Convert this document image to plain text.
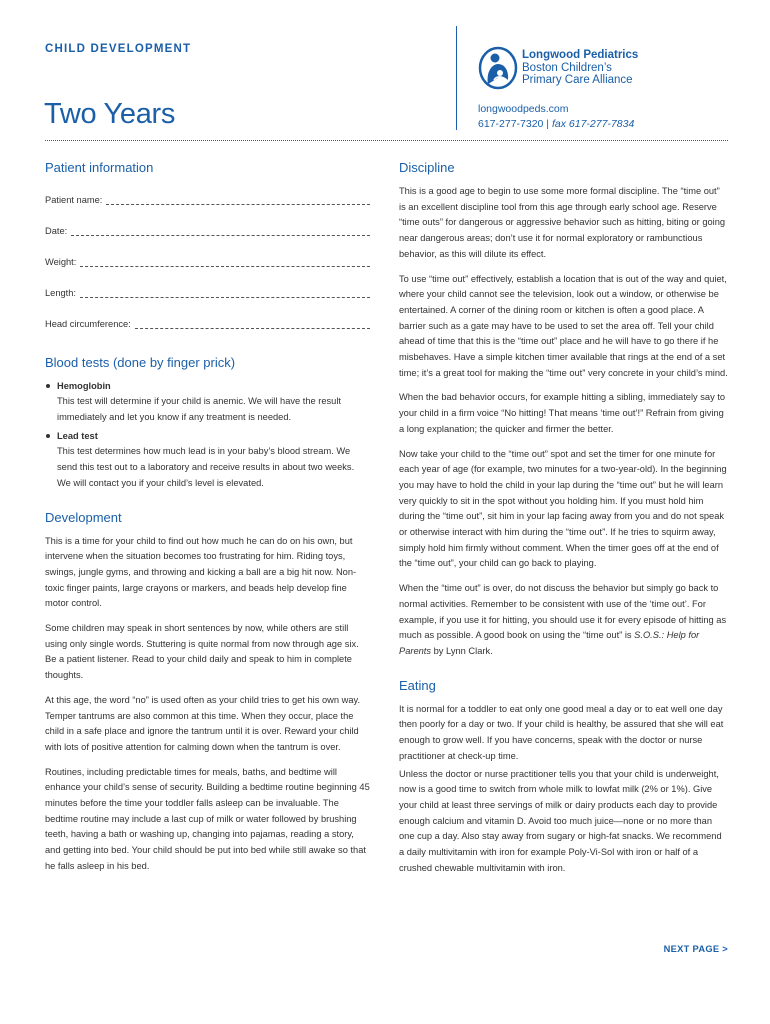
CHILD DEVELOPMENT
Two Years
Longwood Pediatrics
Boston Children’s
Primary Care Alliance
longwoodpeds.com
617-277-7320 | fax 617-277-7834
Patient information
Patient name:
Date:
Weight:
Length:
Head circumference:
Blood tests (done by finger prick)
Hemoglobin

This test will determine if your child is anemic. We will have the result immediately and let you know if any treatment is needed.

Lead test

This test determines how much lead is in your baby’s blood stream. We send this test out to a laboratory and receive results in about two weeks. We will contact you if your child’s level is elevated.

Development

This is a time for your child to find out how much he can do on his own, but intervene when the situation becomes too frustrating for him. Riding toys, swings, jungle gyms, and throwing and kicking a ball are a big hit now. Non-toxic finger paints, large crayons or markers, and beads help develop fine motor control.

Some children may speak in short sentences by now, while others are still using only single words. Stuttering is quite normal from now through age six. Be a patient listener. Read to your child daily and speak to him in complete thoughts.

At this age, the word “no” is used often as your child tries to get his own way. Temper tantrums are also common at this time. When they occur, place the child in a safe place and ignore the tantrum until it is over. Reward your child with lots of positive attention for calming down when the tantrum is over.

Routines, including predictable times for meals, baths, and bedtime will enhance your child’s sense of security. Building a bedtime routine beginning 45 minutes before the time your toddler falls asleep can be invaluable. The bedtime routine may include a last cup of milk or water followed by brushing teeth, having a bath or washing up, changing into pajamas, reading a story, and getting into bed. Your child should be put into bed while still awake so that he falls asleep in his bed.

Discipline

This is a good age to begin to use some more formal discipline. The “time out” is an excellent discipline tool from this age through early school age. Reserve “time outs” for dangerous or aggressive behavior such as hitting, biting or going near dangerous areas; don’t use it for normal exploratory or rambunctious behavior, as this will dilute its effect.

To use “time out” effectively, establish a location that is out of the way and quiet, where your child cannot see the television, look out a window, or otherwise be entertained. A corner of the dining room or kitchen is often a good place. A barrier such as a gate may have to be used to set the area off. Tell your child ahead of time that this is the “time out” place and he will have to go there if he misbehaves. Have a simple kitchen timer available that rings at the end of a set time; it’s a great tool for making the “time out” very concrete in your child’s mind.

When the bad behavior occurs, for example hitting a sibling, immediately say to your child in a firm voice “No hitting! That means ‘time out’!” Refrain from giving a long explanation; the quicker and firmer the better.

Now take your child to the “time out” spot and set the timer for one minute for each year of age (for example, two minutes for a two-year-old). In the beginning you may have to hold the child in your lap during the “time out” but he will learn very quickly to sit in the spot without you holding him. If you must hold him during the “time out”, sit him in your lap facing away from you and do not speak or otherwise interact with him during the “time out”. If he tries to squirm away, simply hold him firmly without comment. When the timer goes off at the end of the “time out”, your child can go back to playing.

When the “time out” is over, do not discuss the behavior but simply go back to normal activities. Remember to be consistent with use of the ‘time out’. For example, if you use it for hitting, you should use it for every episode of hitting as much as possible. A good book on using the “time out” is S.O.S.: Help for Parents by Lynn Clark.

Eating

It is normal for a toddler to eat only one good meal a day or to eat well one day then poorly for a day or two. If your child is healthy, be assured that she will eat enough to grow well. If you have concerns, speak with the doctor or nurse practitioner at check-up time.

Unless the doctor or nurse practitioner tells you that your child is underweight, now is a good time to switch from whole milk to lowfat milk (2% or 1%). Give your child at least three servings of milk or dairy products each day to provide enough calcium and vitamin D. Avoid too much juice—none or no more than one cup a day. Also stay away from sugary or high-fat snacks. We recommend a daily multivitamin with iron for example Poly-Vi-Sol with iron or half of a crushed chewable multivitamin with iron.

NEXT PAGE >
